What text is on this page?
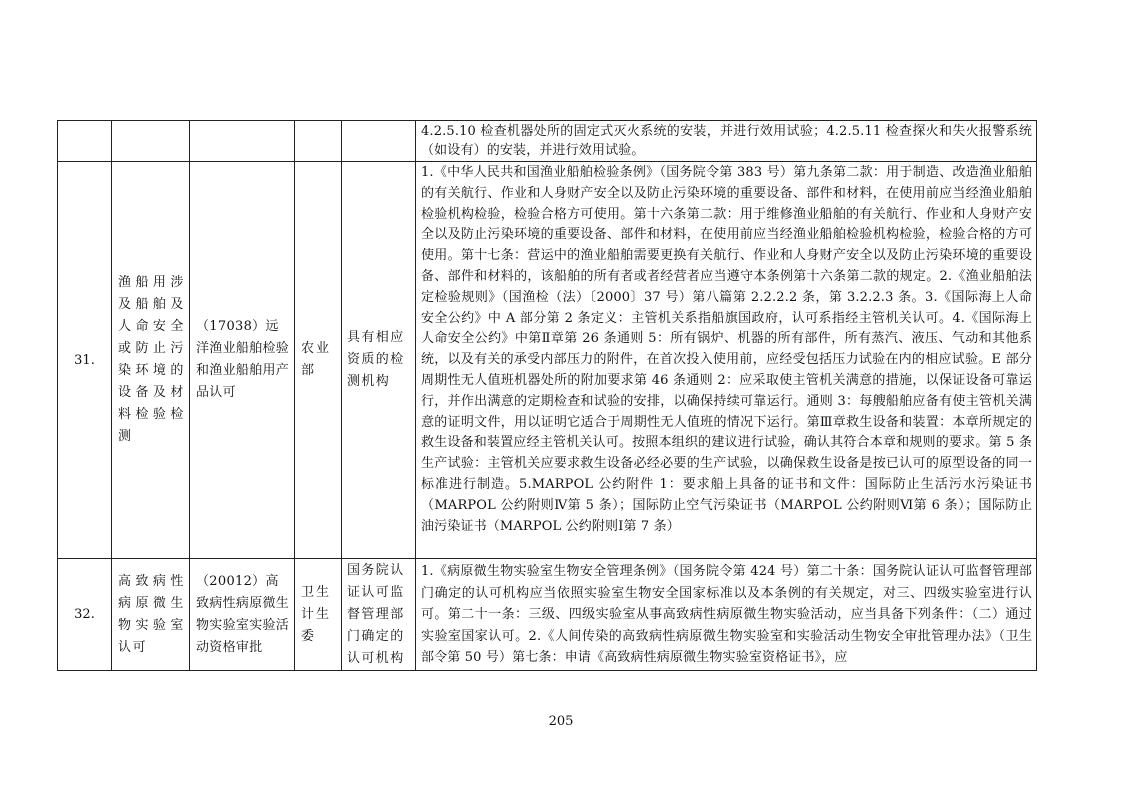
					4.2.5.10 检查机器处所的固定式灭火系统的安装，并进行效用试验；4.2.5.11 检查探火和失火报警系统（如设有）的安装，并进行效用试验。
31.	渔船用涉及船舶及人命安全或防止污染环境的设备及材料检验检测	（17038）远洋渔业船舶检验和渔业船舶用产品认可	农业部	具有相应资质的检测机构	1.《中华人民共和国渔业船舶检验条例》（国务院令第 383 号）第九条第二款：用于制造、改造渔业船舶的有关航行、作业和人身财产安全以及防止污染环境的重要设备、部件和材料，在使用前应当经渔业船舶检验机构检验，检验合格方可使用。第十六条第二款：用于维修渔业船舶的有关航行、作业和人身财产安全以及防止污染环境的重要设备、部件和材料，在使用前应当经渔业船舶检验机构检验，检验合格的方可使用。第十七条：营运中的渔业船舶需要更换有关航行、作业和人身财产安全以及防止污染环境的重要设备、部件和材料的，该船舶的所有者或者经营者应当遵守本条例第十六条第二款的规定。2.《渔业船舶法定检验规则》（国渔检（法）〔2000〕37 号）第八篇第 2.2.2.2 条，第 3.2.2.3 条。3.《国际海上人命安全公约》中 A 部分第 2 条定义：主管机关系指船旗国政府，认可系指经主管机关认可。4.《国际海上人命安全公约》中第Ⅱ章第 26 条通则 5：所有锅炉、机器的所有部件，所有蒸汽、液压、气动和其他系统，以及有关的承受内部压力的附件，在首次投入使用前，应经受包括压力试验在内的相应试验。E 部分周期性无人值班机器处所的附加要求第 46 条通则 2：应采取使主管机关满意的措施，以保证设备可靠运行，并作出满意的定期检查和试验的安排，以确保持续可靠运行。通则 3：每艘船舶应备有使主管机关满意的证明文件，用以证明它适合于周期性无人值班的情况下运行。第Ⅲ章救生设备和装置：本章所规定的救生设备和装置应经主管机关认可。按照本组织的建议进行试验，确认其符合本章和规则的要求。第 5 条生产试验：主管机关应要求救生设备必经必要的生产试验，以确保救生设备是按已认可的原型设备的同一标准进行制造。5.MARPOL 公约附件 1：要求船上具备的证书和文件：国际防止生活污水污染证书（MARPOL 公约附则Ⅳ第 5 条）；国际防止空气污染证书（MARPOL 公约附则Ⅵ第 6 条）；国际防止油污染证书（MARPOL 公约附则Ⅰ第 7 条）
32.	高致病性病原微生物实验室认可	（20012）高致病性病原微生物实验室实验活动资格审批	卫生计生委	国务院认证认可监督管理部门确定的认可机构	1.《病原微生物实验室生物安全管理条例》（国务院令第 424 号）第二十条：国务院认证认可监督管理部门确定的认可机构应当依照实验室生物安全国家标准以及本条例的有关规定，对三、四级实验室进行认可。第二十一条：三级、四级实验室从事高致病性病原微生物实验活动，应当具备下列条件：（二）通过实验室国家认可。2.《人间传染的高致病性病原微生物实验室和实验活动生物安全审批管理办法》（卫生部令第 50 号）第七条：申请《高致病性病原微生物实验室资格证书》，应
205
